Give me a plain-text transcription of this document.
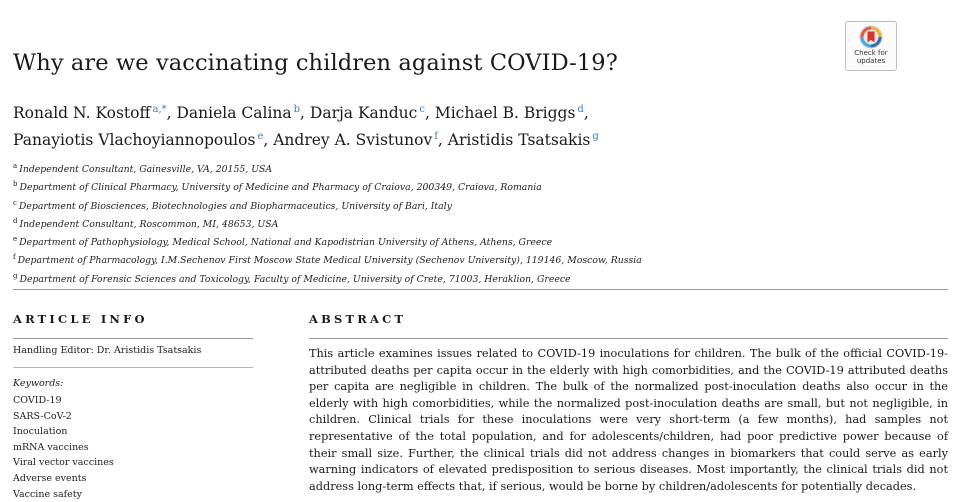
Why are we vaccinating children against COVID-19?	Check for
updates
Ronald N. Kostoff $^{a,*}$, Daniela Calina $^b$, Darja Kanduc $^c$, Michael B. Briggs $^d$,
Panayiotis Vlachoyiannopoulos $^e$, Andrey A. Svistunov $^f$, Aristidis Tsatsakis $^g$
$^a$ Independent Consultant, Gainesville, VA, 20155, USA
$^b$ Department of Clinical Pharmacy, University of Medicine and Pharmacy of Craiova, 200349, Craiova, Romania
$^c$ Department of Biosciences, Biotechnologies and Biopharmaceutics, University of Bari, Italy
$^d$ Independent Consultant, Roscommon, MI, 48653, USA
$^e$ Department of Pathophysiology, Medical School, National and Kapodistrian University of Athens, Athens, Greece
$^f$ Department of Pharmacology, I.M.Sechenov First Moscow State Medical University (Sechenov University), 119146, Moscow, Russia
$^g$ Department of Forensic Sciences and Toxicology, Faculty of Medicine, University of Crete, 71003, Heraklion, Greece
ARTICLE INFO	ABSTRACT
Handling Editor: Dr. Aristidis Tsatsakis
Keywords:
COVID-19
SARS-CoV-2
Inoculation
mRNA vaccines
Viral vector vaccines
Adverse events
Vaccine safety

This article examines issues related to COVID-19 inoculations for children. The bulk of the official COVID-19-attributed deaths per capita occur in the elderly with high comorbidities, and the COVID-19 attributed deaths per capita are negligible in children. The bulk of the normalized post-inoculation deaths also occur in the elderly with high comorbidities, while the normalized post-inoculation deaths are small, but not negligible, in children. Clinical trials for these inoculations were very short-term (a few months), had samples not representative of the total population, and for adolescents/children, had poor predictive power because of their small size. Further, the clinical trials did not address changes in biomarkers that could serve as early warning indicators of elevated predisposition to serious diseases. Most importantly, the clinical trials did not address long-term effects that, if serious, would be borne by children/adolescents for potentially decades.
